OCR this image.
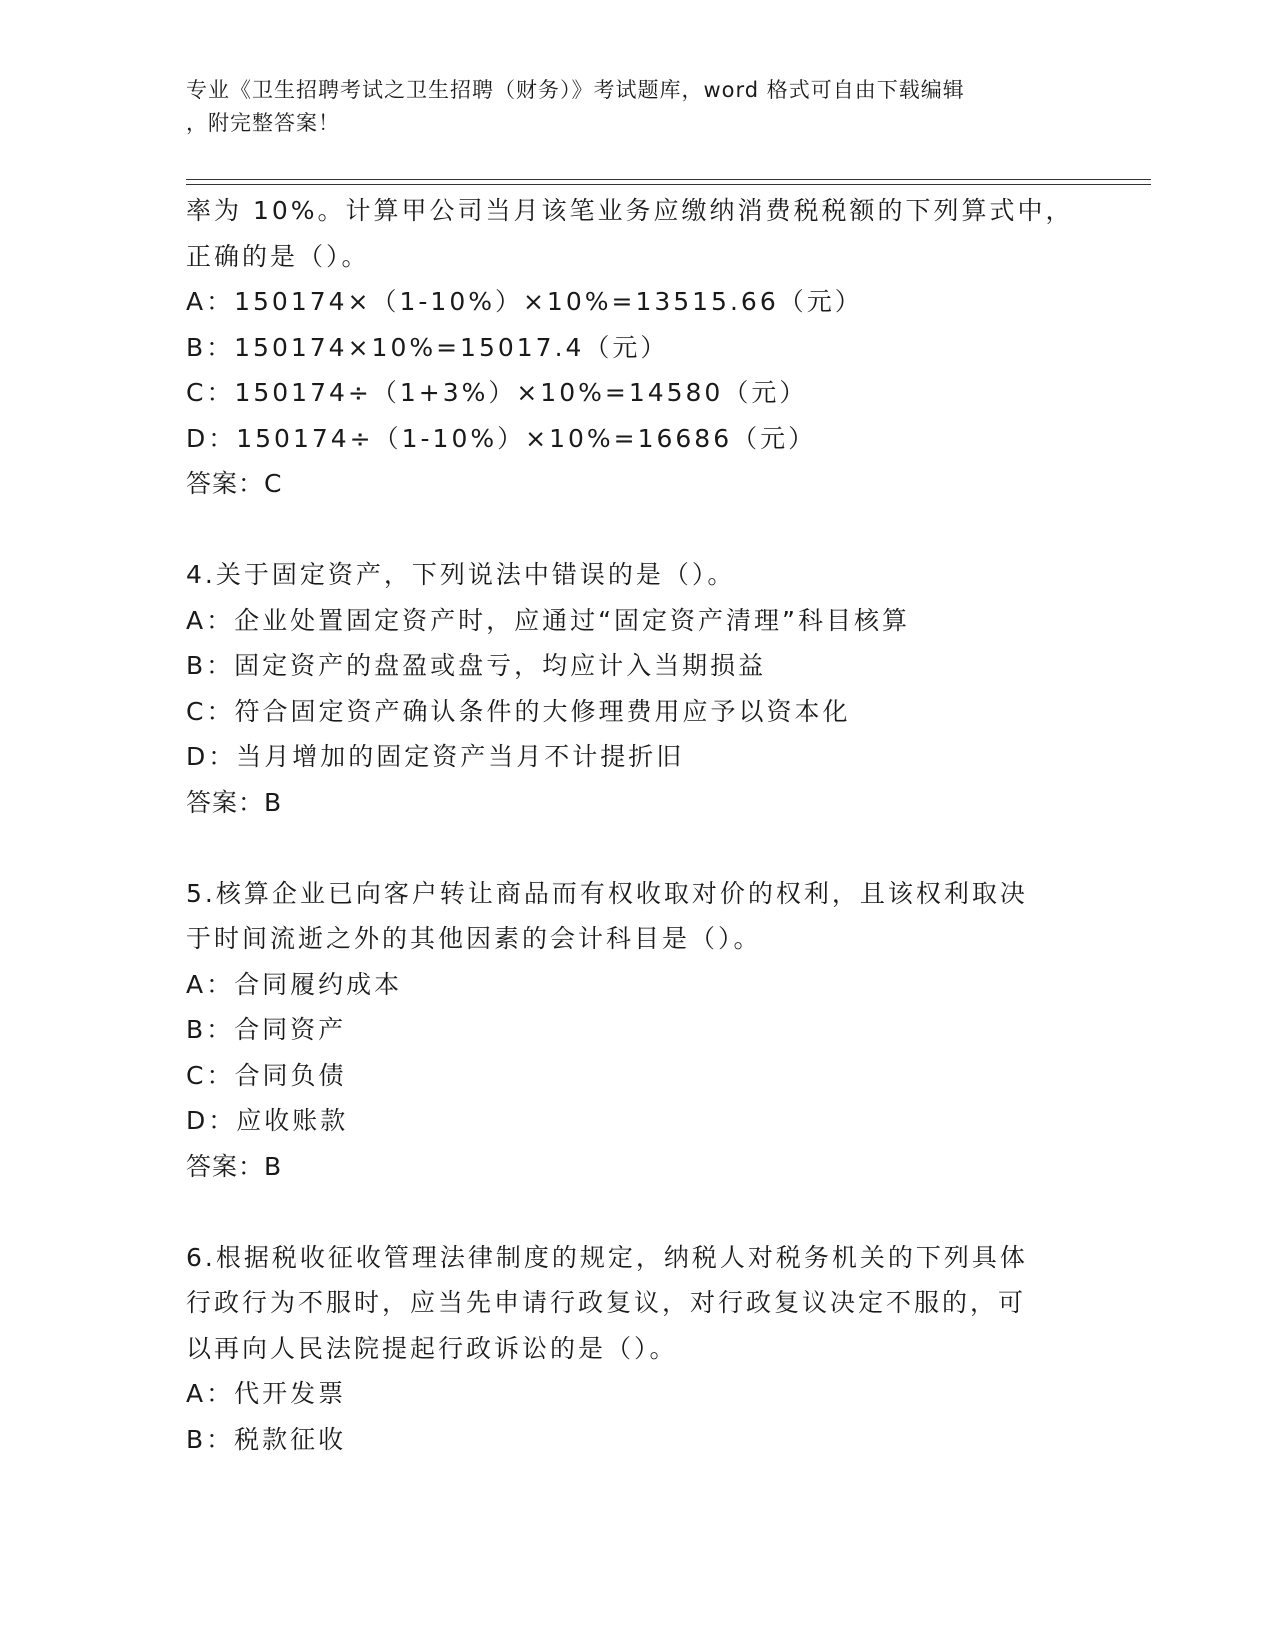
专业《卫生招聘考试之卫生招聘（财务）》考试题库，word 格式可自由下载编辑
，附完整答案！
率为 10%。计算甲公司当月该笔业务应缴纳消费税税额的下列算式中，
正确的是（）。
A：150174×（1-10%）×10%=13515.66（元）
B：150174×10%=15017.4（元）
C：150174÷（1+3%）×10%=14580（元）
D：150174÷（1-10%）×10%=16686（元）
答案：C
4.关于固定资产，下列说法中错误的是（）。
A：企业处置固定资产时，应通过“固定资产清理”科目核算
B：固定资产的盘盈或盘亏，均应计入当期损益
C：符合固定资产确认条件的大修理费用应予以资本化
D：当月增加的固定资产当月不计提折旧
答案：B
5.核算企业已向客户转让商品而有权收取对价的权利，且该权利取决
于时间流逝之外的其他因素的会计科目是（）。
A：合同履约成本
B：合同资产
C：合同负债
D：应收账款
答案：B
6.根据税收征收管理法律制度的规定，纳税人对税务机关的下列具体
行政行为不服时，应当先申请行政复议，对行政复议决定不服的，可
以再向人民法院提起行政诉讼的是（）。
A：代开发票
B：税款征收
